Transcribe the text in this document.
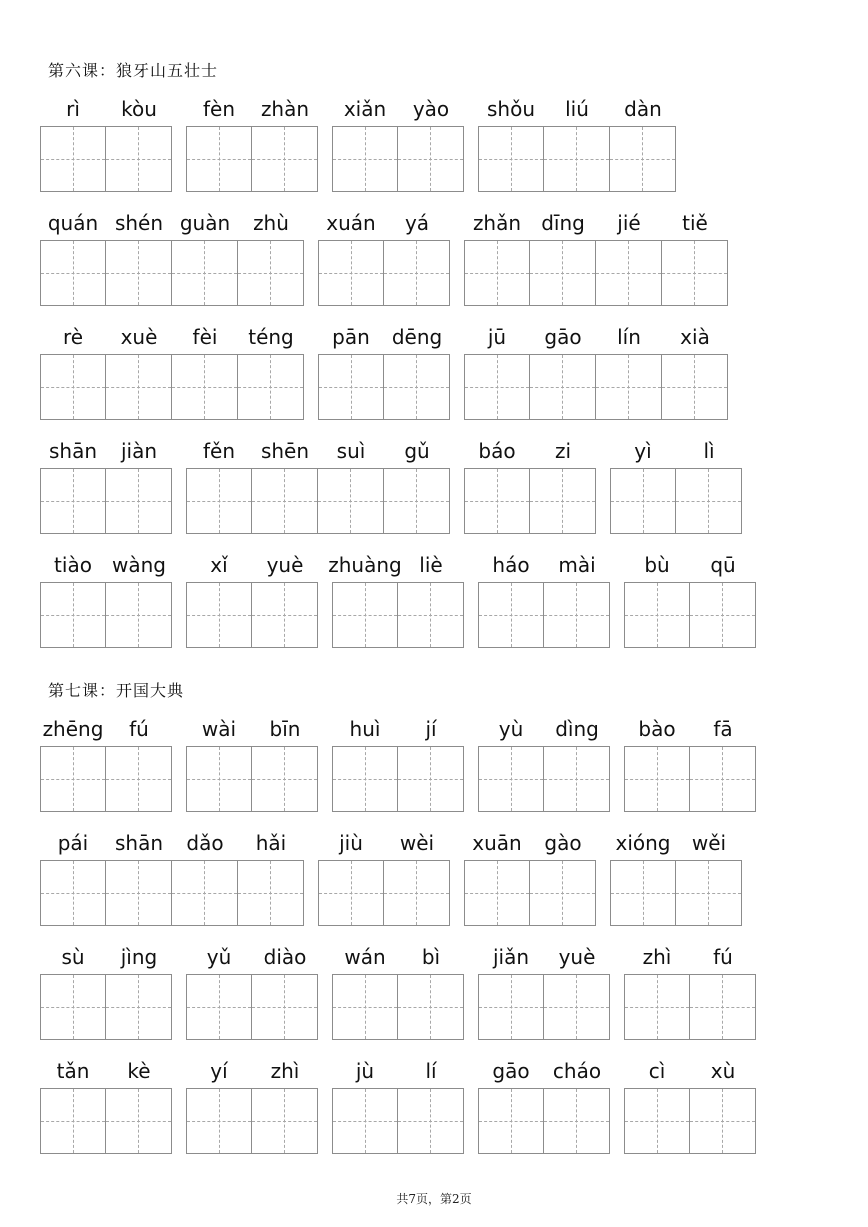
第六课：狼牙山五壮士
rì	kòu	fèn	zhàn	xiǎn	yào	shǒu	liú	dàn
quán shén guàn	zhù	xuán	yá	zhǎn	dīng	jié	tiě
rè	xuè	fèi	téng	pān	dēng	jū	gāo	lín	xià
shān	jiàn	fěn	shēn	suì	gǔ	báo	zi	yì	lì
tiào	wàng	xǐ	yuè	zhuàng liè	háo	mài	bù	qū
第七课：开国大典
zhēng	fú	wài	bīn	huì	jí	yù	dìng	bào	fā
pái	shān	dǎo	hǎi	jiù	wèi	xuān	gào	xióng	wěi
sù	jìng	yǔ	diào	wán	bì	jiǎn	yuè	zhì	fú
tǎn	kè	yí	zhì	jù	lí	gāo	cháo	cì	xù
共7页，第2页
